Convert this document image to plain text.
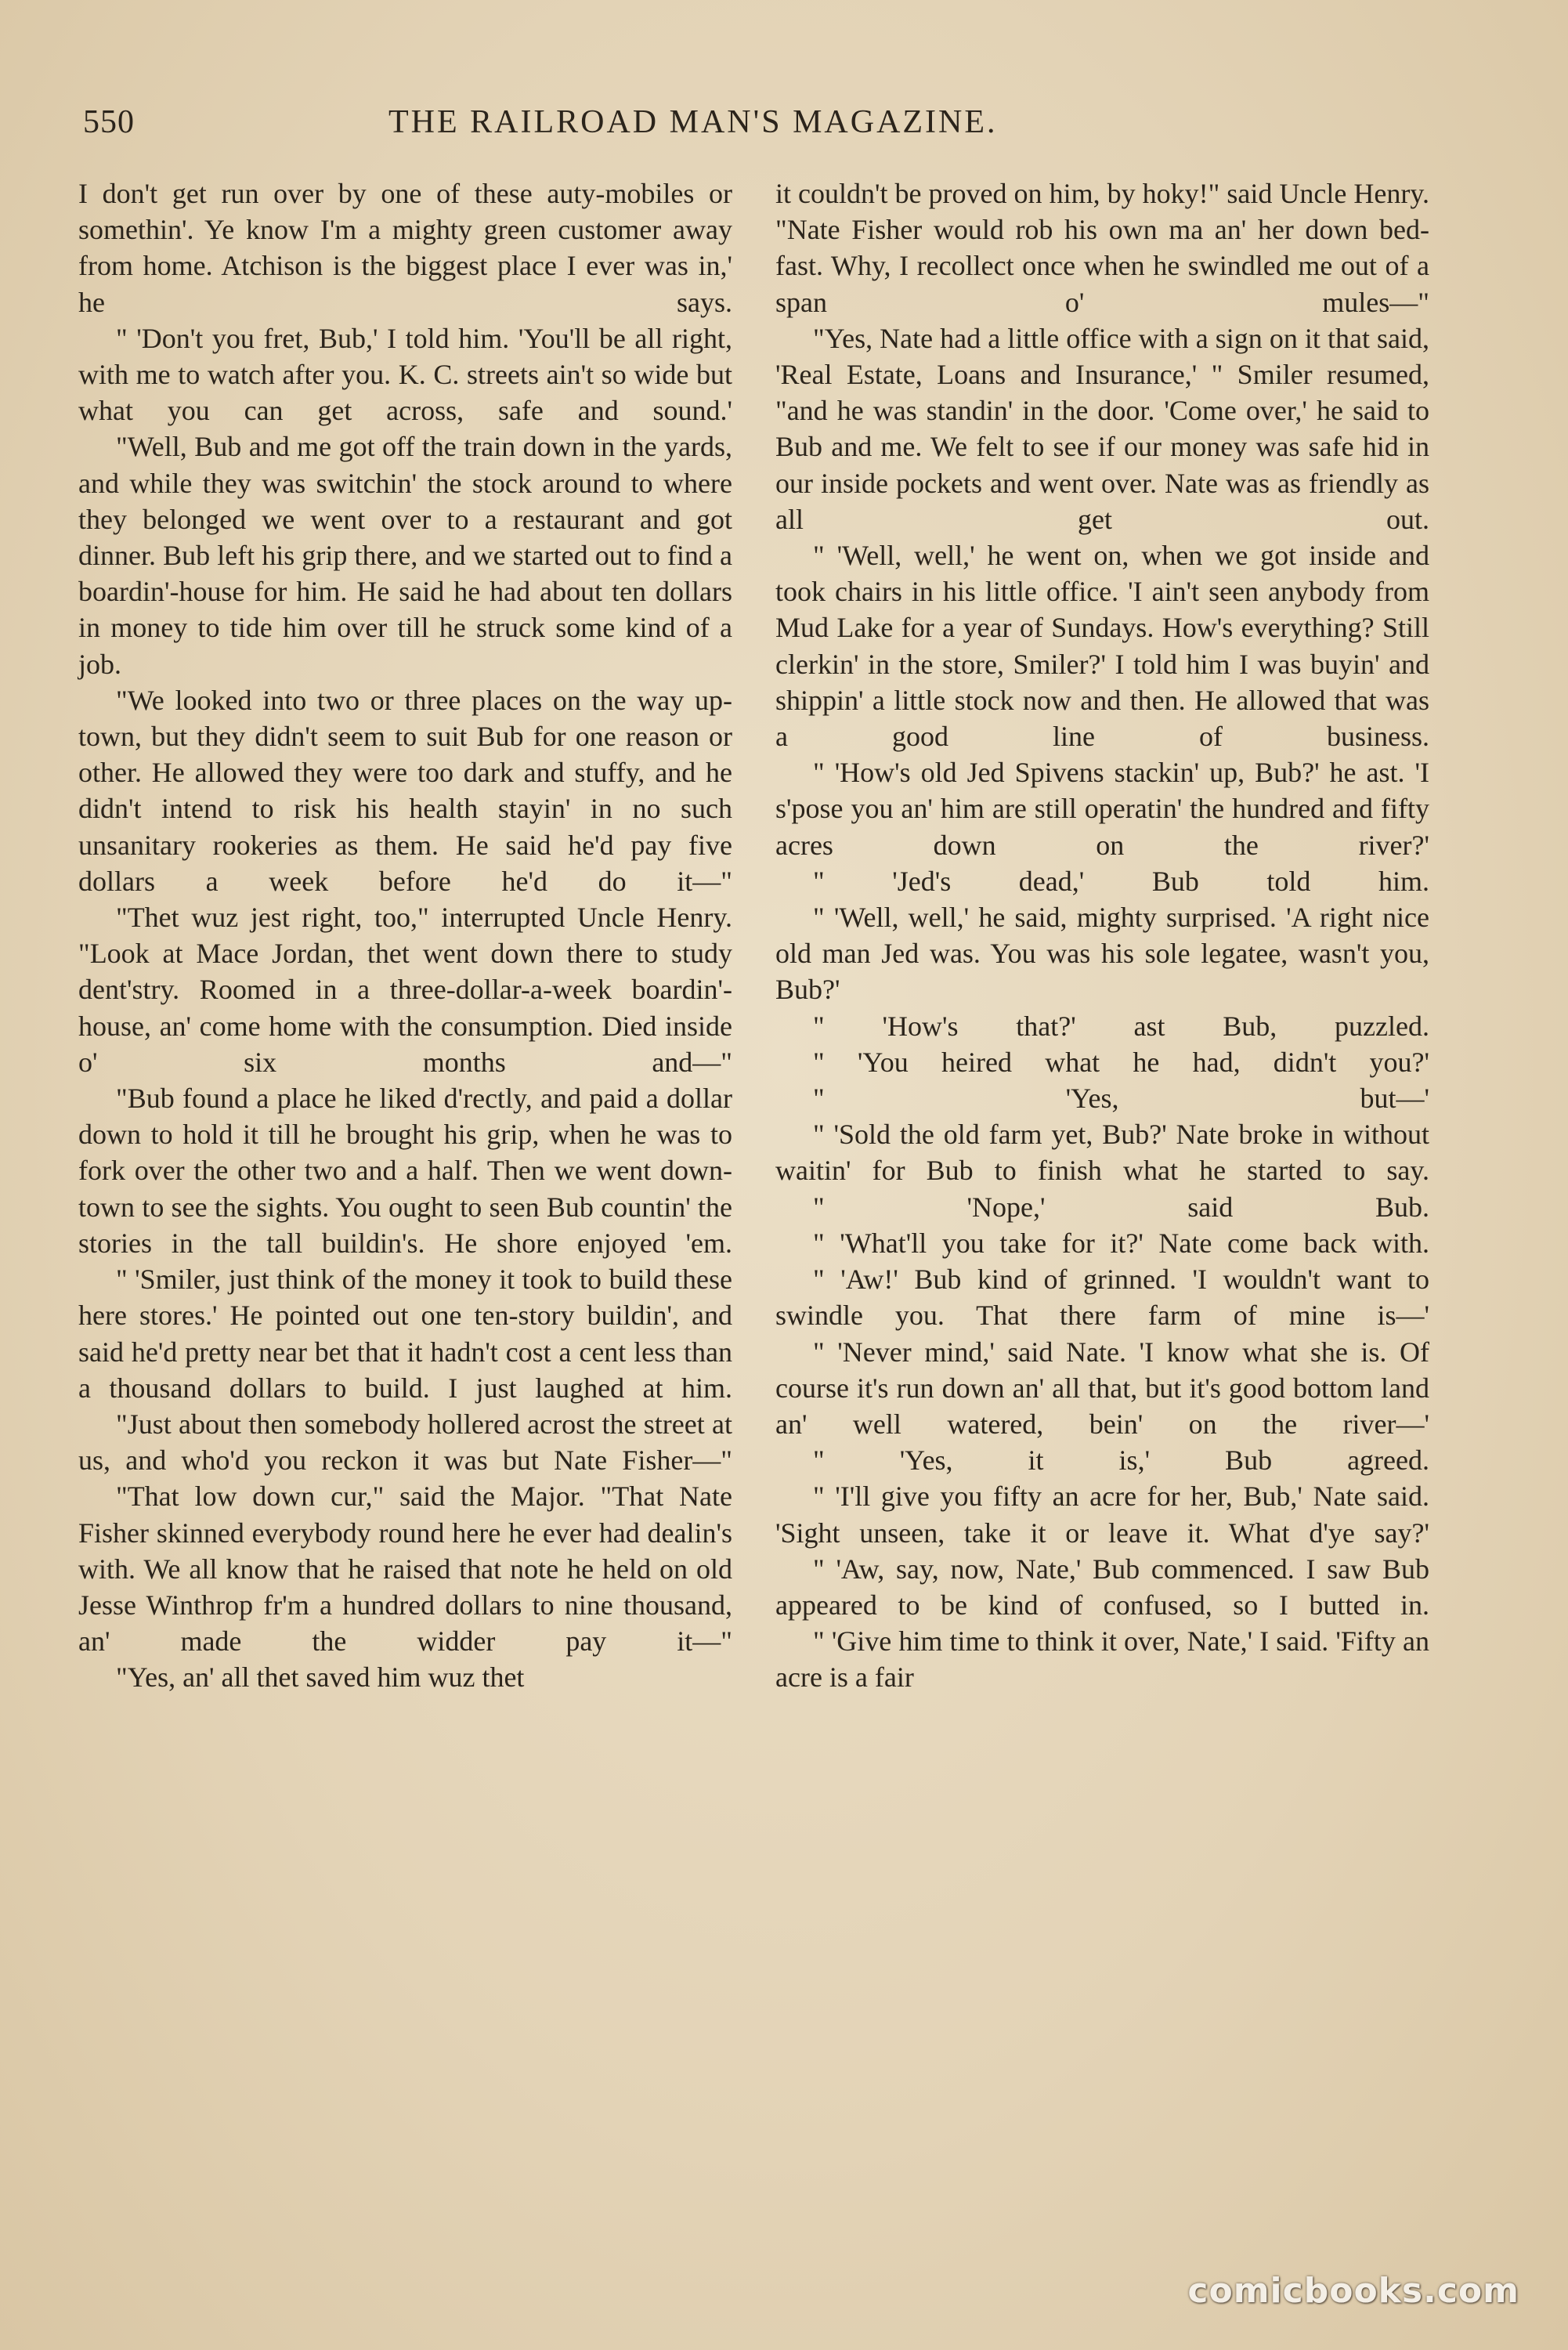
550	THE RAILROAD MAN'S MAGAZINE.

I don't get run over by one of these auty-mobiles or somethin'. Ye know I'm a mighty green customer away from home. Atchison is the biggest place I ever was in,' he says.

" 'Don't you fret, Bub,' I told him. 'You'll be all right, with me to watch after you. K. C. streets ain't so wide but what you can get across, safe and sound.'

"Well, Bub and me got off the train down in the yards, and while they was switchin' the stock around to where they belonged we went over to a restaurant and got dinner. Bub left his grip there, and we started out to find a boardin'-house for him. He said he had about ten dollars in money to tide him over till he struck some kind of a job.

"We looked into two or three places on the way up-town, but they didn't seem to suit Bub for one reason or other. He allowed they were too dark and stuffy, and he didn't intend to risk his health stayin' in no such unsanitary rookeries as them. He said he'd pay five dollars a week before he'd do it—"

"Thet wuz jest right, too," interrupted Uncle Henry. "Look at Mace Jordan, thet went down there to study dent'stry. Roomed in a three-dollar-a-week boardin'-house, an' come home with the consumption. Died inside o' six months and—"

"Bub found a place he liked d'rectly, and paid a dollar down to hold it till he brought his grip, when he was to fork over the other two and a half. Then we went down-town to see the sights. You ought to seen Bub countin' the stories in the tall buildin's. He shore enjoyed 'em.

" 'Smiler, just think of the money it took to build these here stores.' He pointed out one ten-story buildin', and said he'd pretty near bet that it hadn't cost a cent less than a thousand dollars to build. I just laughed at him.

"Just about then somebody hollered acrost the street at us, and who'd you reckon it was but Nate Fisher—"

"That low down cur," said the Major. "That Nate Fisher skinned everybody round here he ever had dealin's with. We all know that he raised that note he held on old Jesse Winthrop fr'm a hundred dollars to nine thousand, an' made the widder pay it—"

"Yes, an' all thet saved him wuz thet

it couldn't be proved on him, by hoky!" said Uncle Henry. "Nate Fisher would rob his own ma an' her down bed-fast. Why, I recollect once when he swindled me out of a span o' mules—"

"Yes, Nate had a little office with a sign on it that said, 'Real Estate, Loans and Insurance,' " Smiler resumed, "and he was standin' in the door. 'Come over,' he said to Bub and me. We felt to see if our money was safe hid in our inside pockets and went over. Nate was as friendly as all get out.

" 'Well, well,' he went on, when we got inside and took chairs in his little office. 'I ain't seen anybody from Mud Lake for a year of Sundays. How's everything? Still clerkin' in the store, Smiler?' I told him I was buyin' and shippin' a little stock now and then. He allowed that was a good line of business.

" 'How's old Jed Spivens stackin' up, Bub?' he ast. 'I s'pose you an' him are still operatin' the hundred and fifty acres down on the river?'

" 'Jed's dead,' Bub told him.

" 'Well, well,' he said, mighty surprised. 'A right nice old man Jed was. You was his sole legatee, wasn't you, Bub?'

" 'How's that?' ast Bub, puzzled.

" 'You heired what he had, didn't you?'

" 'Yes, but—'

" 'Sold the old farm yet, Bub?' Nate broke in without waitin' for Bub to finish what he started to say.

" 'Nope,' said Bub.

" 'What'll you take for it?' Nate come back with.

" 'Aw!' Bub kind of grinned. 'I wouldn't want to swindle you. That there farm of mine is—'

" 'Never mind,' said Nate. 'I know what she is. Of course it's run down an' all that, but it's good bottom land an' well watered, bein' on the river—'

" 'Yes, it is,' Bub agreed.

" 'I'll give you fifty an acre for her, Bub,' Nate said. 'Sight unseen, take it or leave it. What d'ye say?'

" 'Aw, say, now, Nate,' Bub commenced. I saw Bub appeared to be kind of confused, so I butted in.

" 'Give him time to think it over, Nate,' I said. 'Fifty an acre is a fair

comicbooks.com
